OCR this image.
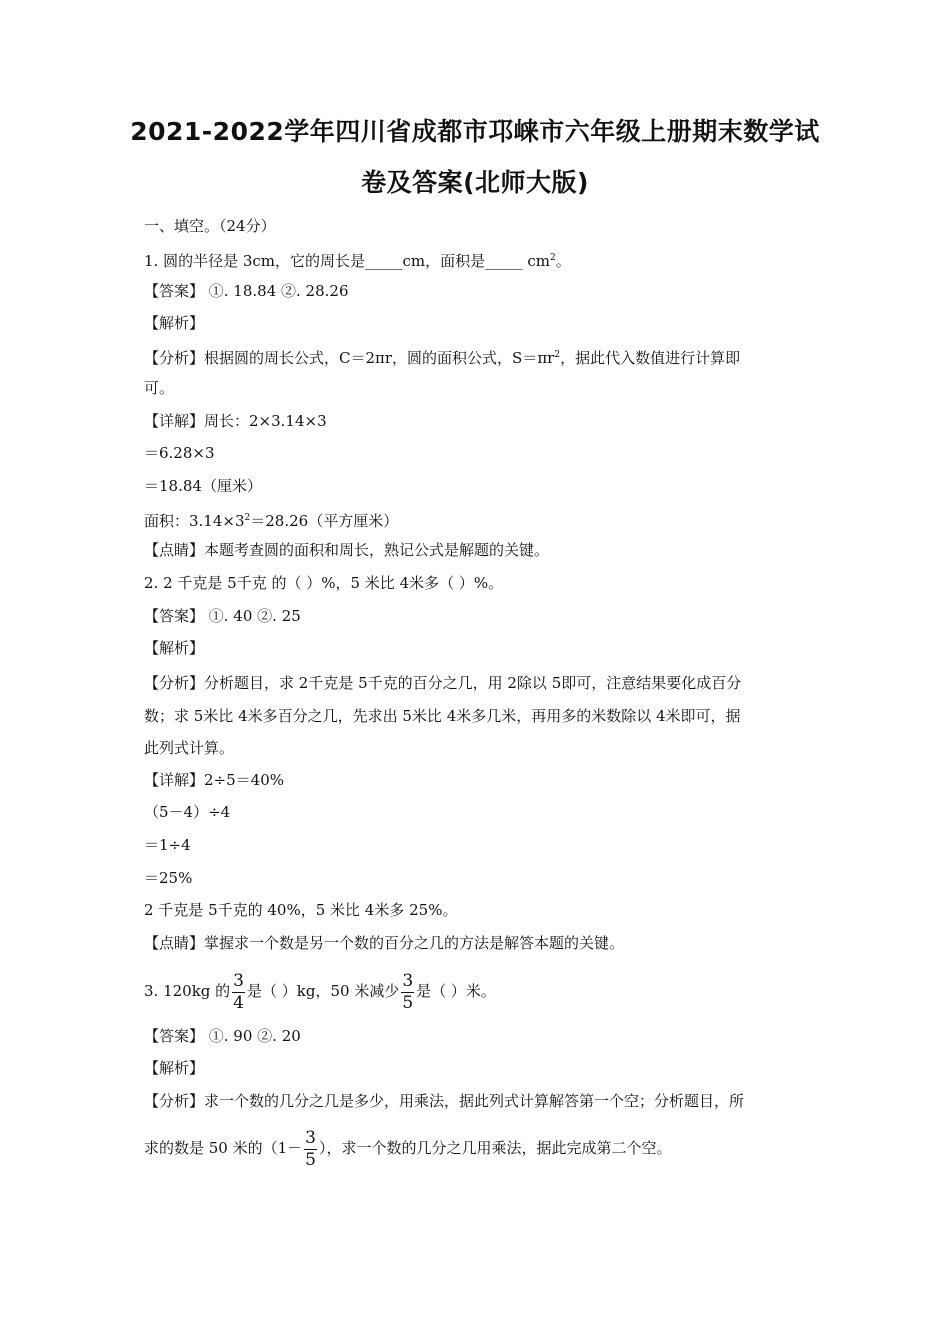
2021-2022学年四川省成都市邛崃市六年级上册期末数学试
卷及答案(北师大版)
一、填空。（24分）
1. 圆的半径是 3cm，它的周长是_____cm，面积是_____ $cm^2$。
【答案】 ①. 18.84 ②. 28.26
【解析】
【分析】根据圆的周长公式，C＝2πr，圆的面积公式，$S=\pi r^2$，据此代入数值进行计算即
可。
【详解】周长：2×3.14×3
＝6.28×3
＝18.84（厘米）
面积：$3.14\times 3^2=28.26$（平方厘米）
【点睛】本题考查圆的面积和周长，熟记公式是解题的关键。
2. 2 千克是 5千克 的（ ）%，5 米比 4米多（ ）%。
【答案】 ①. 40 ②. 25
【解析】
【分析】分析题目，求 2千克是 5千克的百分之几，用 2除以 5即可，注意结果要化成百分
数；求 5米比 4米多百分之几，先求出 5米比 4米多几米，再用多的米数除以 4米即可，据
此列式计算。
【详解】2÷5＝40%
（5－4）÷4
＝1÷4
＝25%
2 千克是 5千克的 40%，5 米比 4米多 25%。
【点睛】掌握求一个数是另一个数的百分之几的方法是解答本题的关键。
3. 120kg 的 $\frac{3}{4}$ 是（ ）kg，50 米减少 $\frac{3}{5}$ 是（ ）米。
【答案】 ①. 90 ②. 20
【解析】
【分析】求一个数的几分之几是多少，用乘法，据此列式计算解答第一个空；分析题目，所
求的数是 50 米的（$1- \frac{3}{5}$ ），求一个数的几分之几用乘法，据此完成第二个空。
